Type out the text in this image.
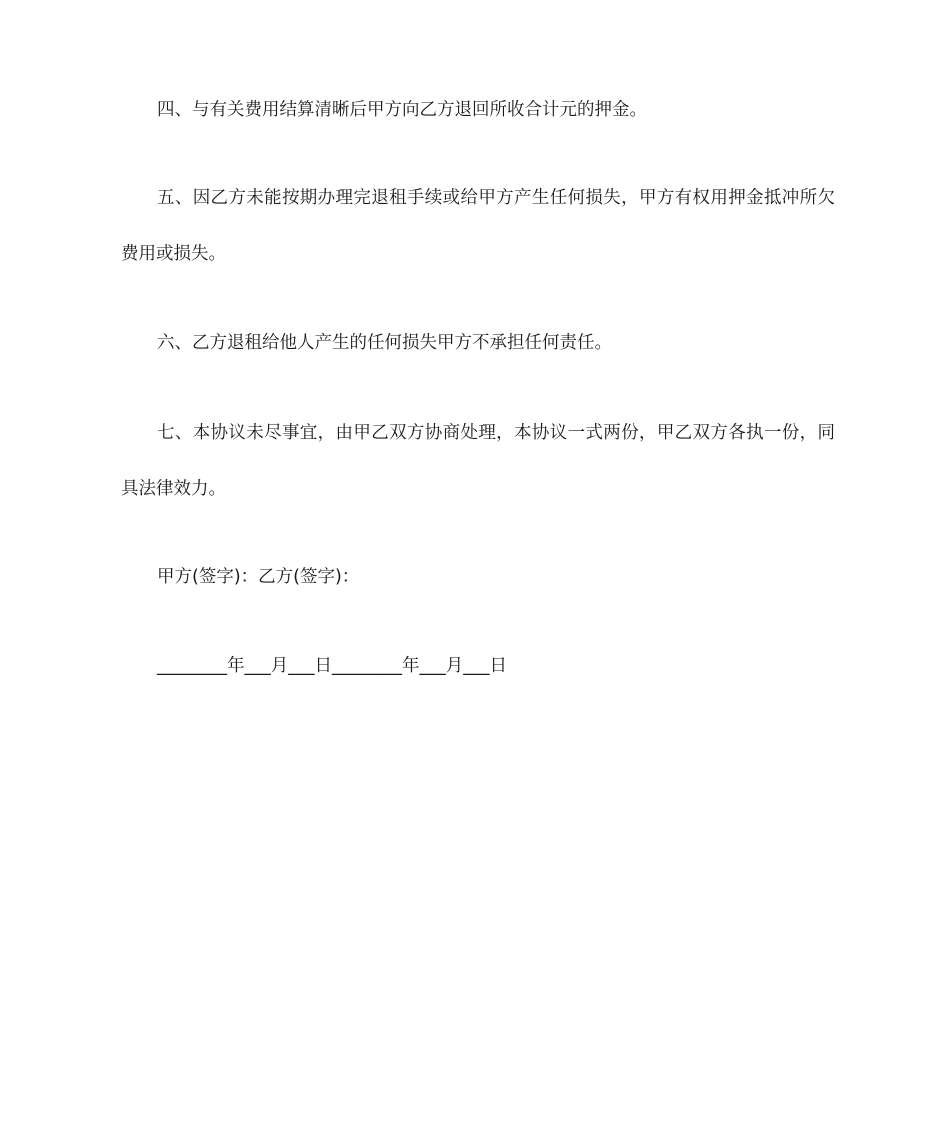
四、与有关费用结算清晰后甲方向乙方退回所收合计元的押金。

五、因乙方未能按期办理完退租手续或给甲方产生任何损失，甲方有权用押金抵冲所欠费用或损失。

六、乙方退租给他人产生的任何损失甲方不承担任何责任。

七、本协议未尽事宜，由甲乙双方协商处理，本协议一式两份，甲乙双方各执一份，同具法律效力。

甲方(签字)：乙方(签字)：

________年___月___日________年___月___日
